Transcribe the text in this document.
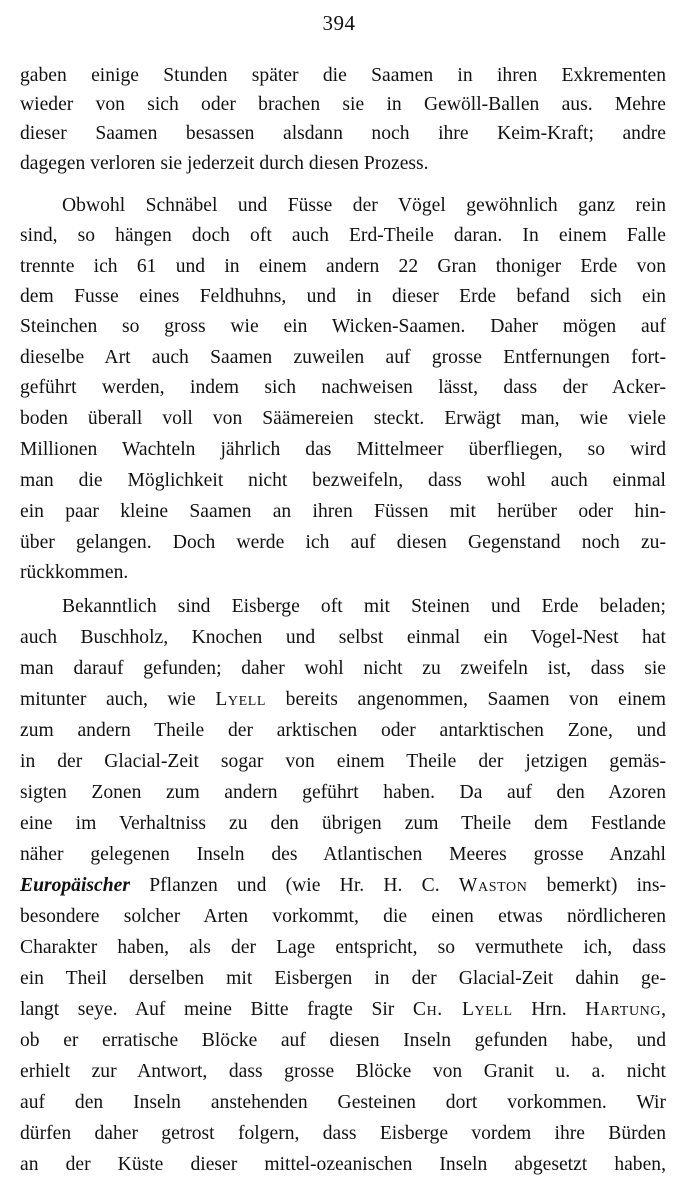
394
gaben einige Stunden später die Saamen in ihren Exkrementen
wieder von sich oder brachen sie in Gewöll-Ballen aus. Mehre
dieser Saamen besassen alsdann noch ihre Keim-Kraft; andre
dagegen verloren sie jederzeit durch diesen Prozess.
Obwohl Schnäbel und Füsse der Vögel gewöhnlich ganz rein
sind, so hängen doch oft auch Erd-Theile daran. In einem Falle
trennte ich 61 und in einem andern 22 Gran thoniger Erde von
dem Fusse eines Feldhuhns, und in dieser Erde befand sich ein
Steinchen so gross wie ein Wicken-Saamen. Daher mögen auf
dieselbe Art auch Saamen zuweilen auf grosse Entfernungen fort-
geführt werden, indem sich nachweisen lässt, dass der Acker-
boden überall voll von Säämereien steckt. Erwägt man, wie viele
Millionen Wachteln jährlich das Mittelmeer überfliegen, so wird
man die Möglichkeit nicht bezweifeln, dass wohl auch einmal
ein paar kleine Saamen an ihren Füssen mit herüber oder hin-
über gelangen. Doch werde ich auf diesen Gegenstand noch zu-
rückkommen.
Bekanntlich sind Eisberge oft mit Steinen und Erde beladen;
auch Buschholz, Knochen und selbst einmal ein Vogel-Nest hat
man darauf gefunden; daher wohl nicht zu zweifeln ist, dass sie
mitunter auch, wie Lyell bereits angenommen, Saamen von einem
zum andern Theile der arktischen oder antarktischen Zone, und
in der Glacial-Zeit sogar von einem Theile der jetzigen gemäs-
sigten Zonen zum andern geführt haben. Da auf den Azoren
eine im Verhaltniss zu den übrigen zum Theile dem Festlande
näher gelegenen Inseln des Atlantischen Meeres grosse Anzahl
Europäischer Pflanzen und (wie Hr. H. C. Waston bemerkt) ins-
besondere solcher Arten vorkommt, die einen etwas nördlicheren
Charakter haben, als der Lage entspricht, so vermuthete ich, dass
ein Theil derselben mit Eisbergen in der Glacial-Zeit dahin ge-
langt seye. Auf meine Bitte fragte Sir Ch. Lyell Hrn. Hartung,
ob er erratische Blöcke auf diesen Inseln gefunden habe, und
erhielt zur Antwort, dass grosse Blöcke von Granit u. a. nicht
auf den Inseln anstehenden Gesteinen dort vorkommen. Wir
dürfen daher getrost folgern, dass Eisberge vordem ihre Bürden
an der Küste dieser mittel-ozeanischen Inseln abgesetzt haben,
